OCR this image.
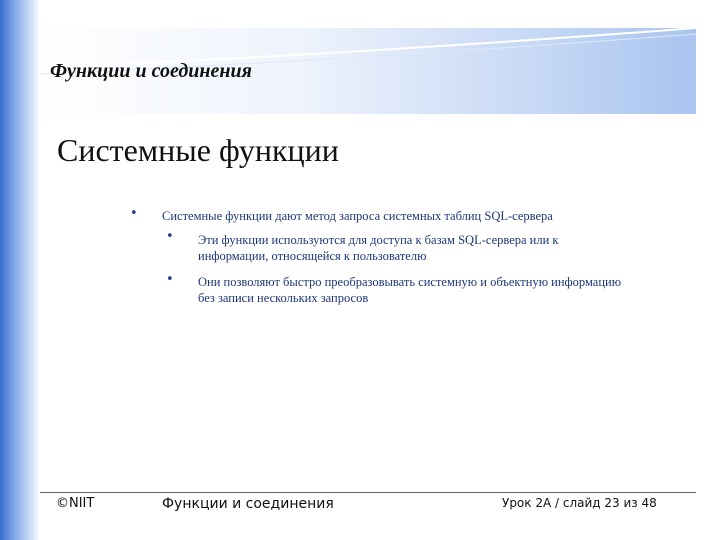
Функции и соединения
Системные функции
• Системные функции дают метод запроса системных таблиц SQL-сервера
• Эти функции используются для доступа к базам SQL-сервера или к
информации, относящейся к пользователю
• Они позволяют быстро преобразовывать системную и объектную информацию
без записи нескольких запросов
©NIIT	Функции и соединения	Урок 2A / слайд 23 из 48
